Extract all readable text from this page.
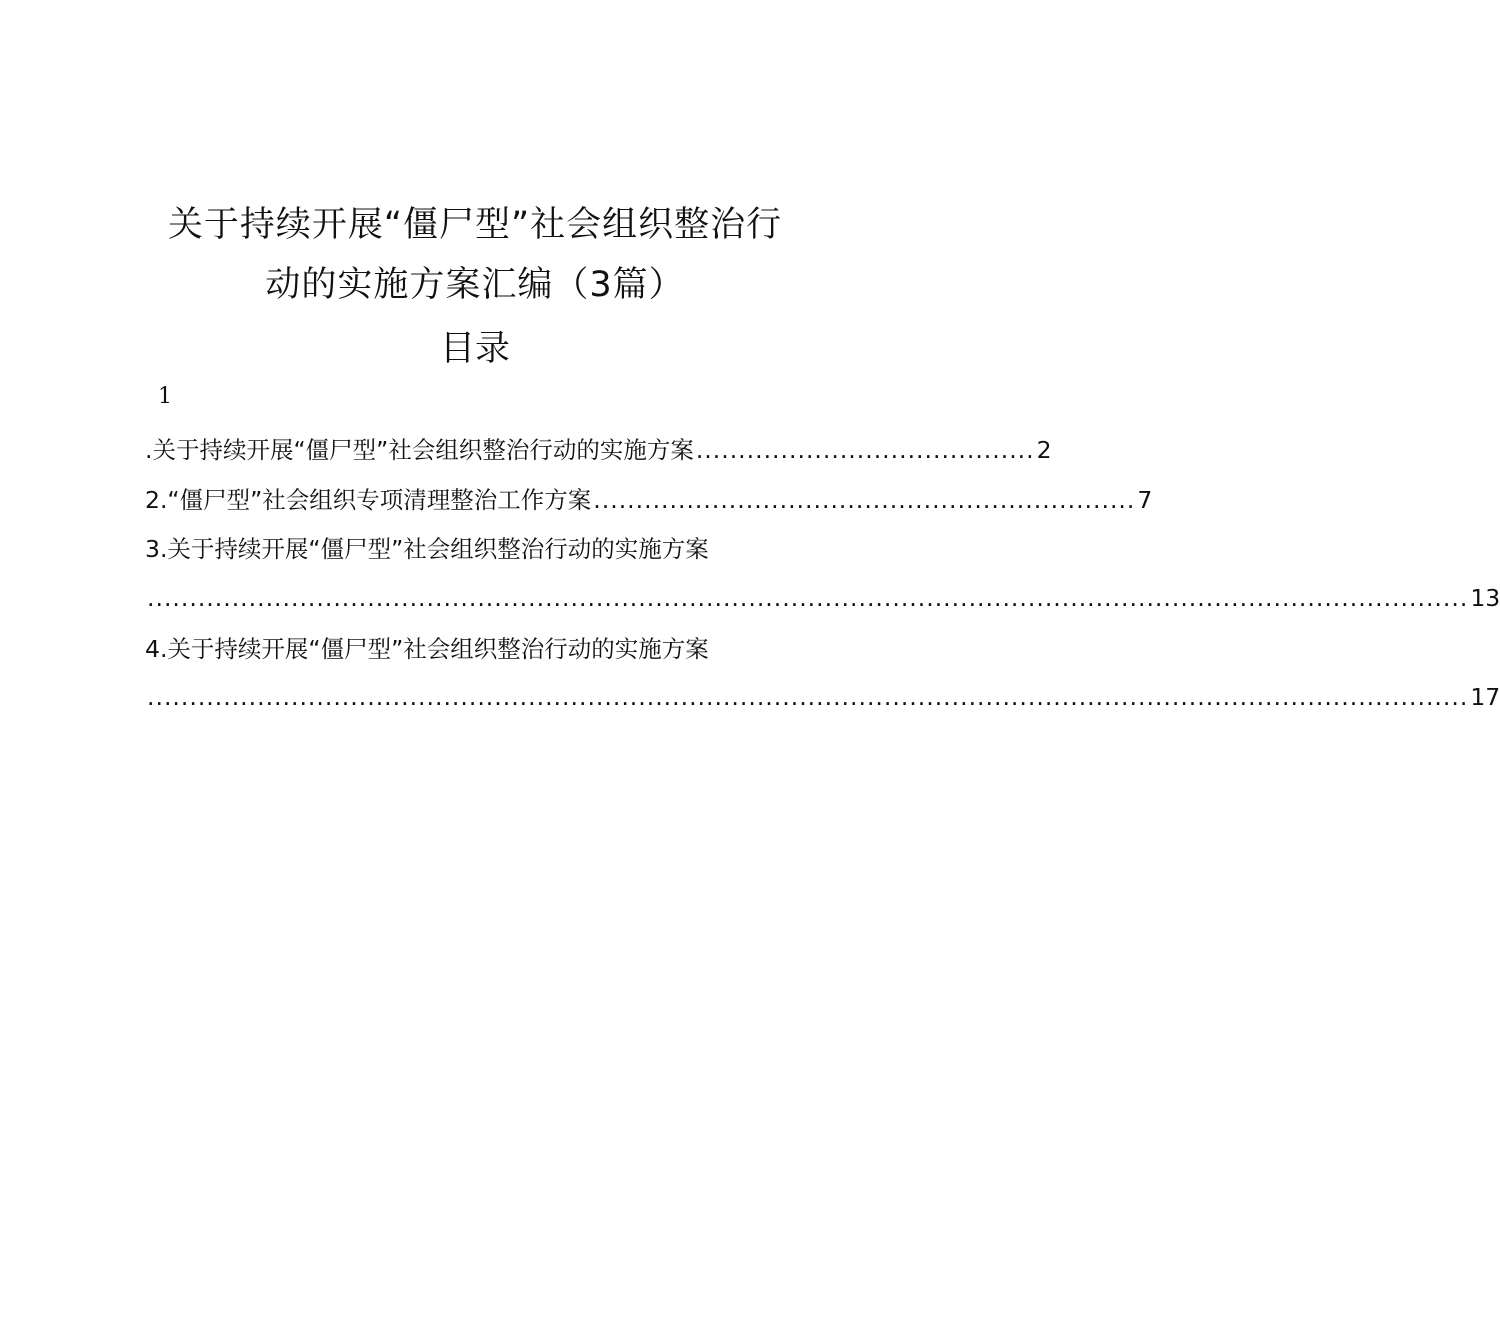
关于持续开展“僵尸型”社会组织整治行
动的实施方案汇编（3篇）
目录
1
.关于持续开展“僵尸型”社会组织整治行动的实施方案 ........................................ 2
2.“僵尸型”社会组织专项清理整治工作方案 ................................................................ 7
3.关于持续开展“僵尸型”社会组织整治行动的实施方案
............................................................................................................................................................ 13
4.关于持续开展“僵尸型”社会组织整治行动的实施方案
............................................................................................................................................................ 17
